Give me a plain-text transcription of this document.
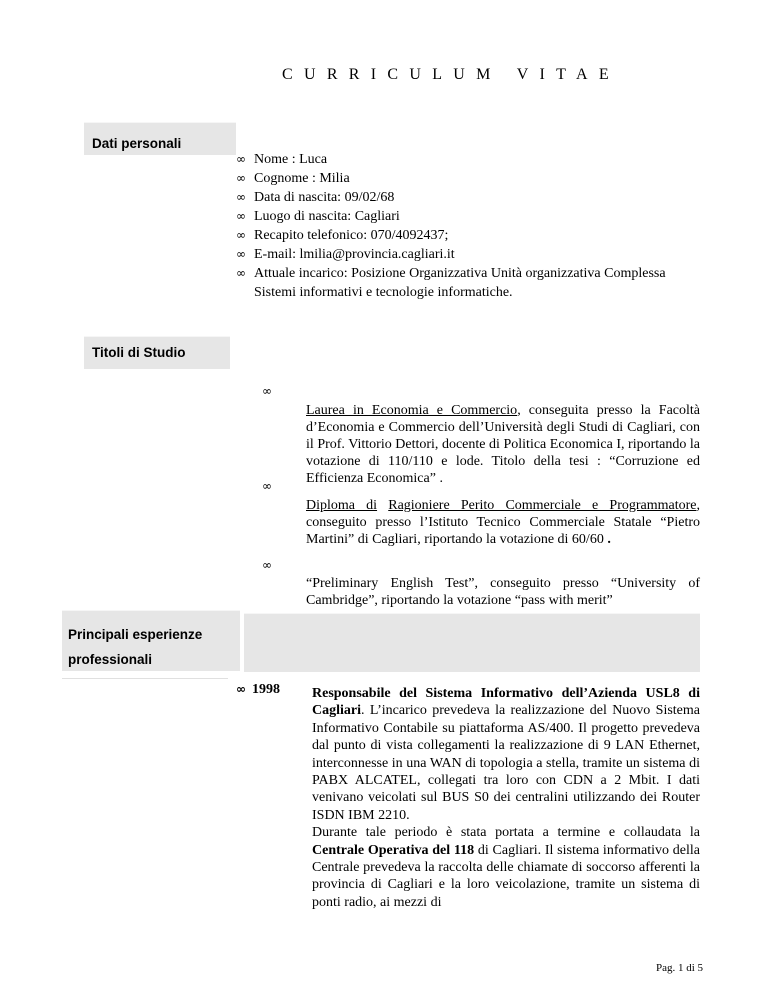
CURRICULUM VITAE
Dati personali
∞ Nome : Luca
∞ Cognome : Milia
∞ Data di nascita: 09/02/68
∞ Luogo di nascita: Cagliari
∞ Recapito telefonico: 070/4092437;
∞ E-mail: lmilia@provincia.cagliari.it
∞ Attuale incarico: Posizione Organizzativa Unità organizzativa Complessa Sistemi informativi e tecnologie informatiche.
Titoli di Studio
∞
Laurea in Economia e Commercio, conseguita presso la Facoltà d’Economia e Commercio dell’Università degli Studi di Cagliari, con il Prof. Vittorio Dettori, docente di Politica Economica I, riportando la votazione di 110/110 e lode. Titolo della tesi : “Corruzione ed Efficienza Economica” .
∞
Diploma di Ragioniere Perito Commerciale e Programmatore, conseguito presso l’Istituto Tecnico Commerciale Statale “Pietro Martini” di Cagliari, riportando la votazione di 60/60 .
∞
“Preliminary English Test”, conseguito presso “University of Cambridge”, riportando la votazione “pass with merit”
Principali esperienze
professionali
∞ 1998 Responsabile del Sistema Informativo dell’Azienda USL8 di Cagliari. L’incarico prevedeva la realizzazione del Nuovo Sistema Informativo Contabile su piattaforma AS/400. Il progetto prevedeva dal punto di vista collegamenti la realizzazione di 9 LAN Ethernet, interconnesse in una WAN di topologia a stella, tramite un sistema di PABX ALCATEL, collegati tra loro con CDN a 2 Mbit. I dati venivano veicolati sul BUS S0 dei centralini utilizzando dei Router ISDN IBM 2210.
Durante tale periodo è stata portata a termine e collaudata la Centrale Operativa del 118 di Cagliari. Il sistema informativo della Centrale prevedeva la raccolta delle chiamate di soccorso afferenti la provincia di Cagliari e la loro veicolazione, tramite un sistema di ponti radio, ai mezzi di
Pag. 1 di 5
